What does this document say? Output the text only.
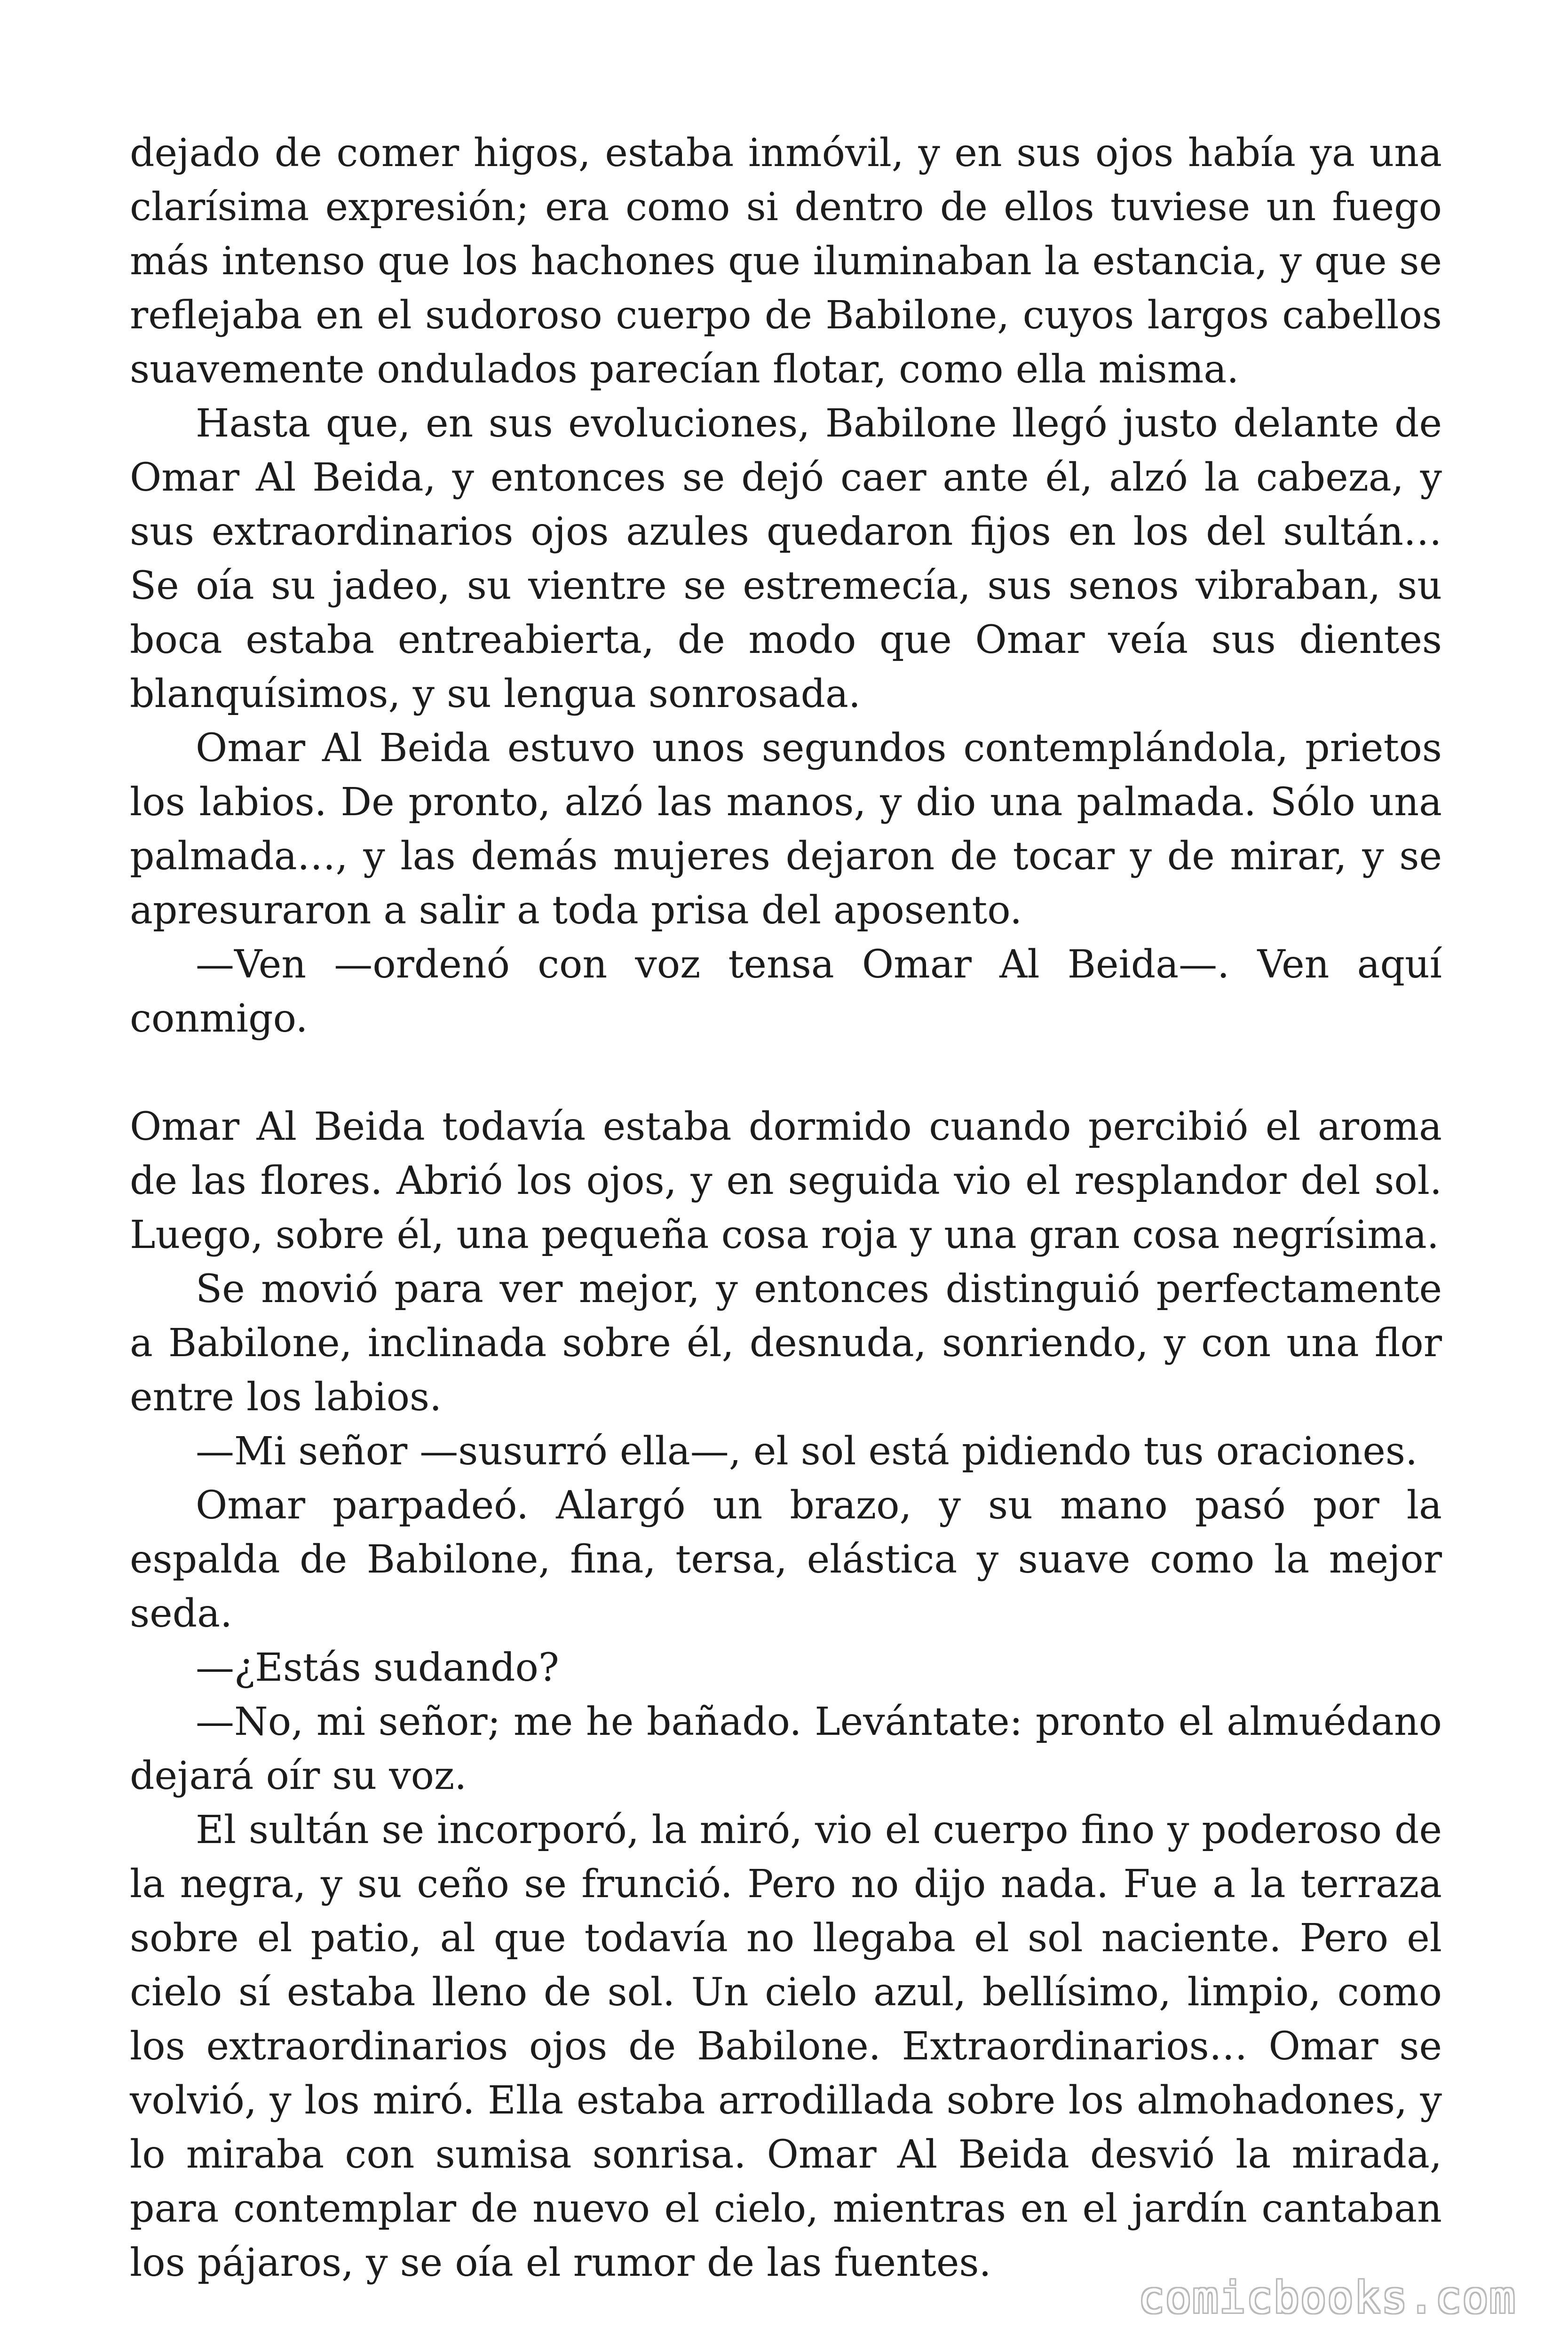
dejado de comer higos, estaba inmóvil, y en sus ojos había ya una clarísima expresión; era como si dentro de ellos tuviese un fuego más intenso que los hachones que iluminaban la estancia, y que se reflejaba en el sudoroso cuerpo de Babilone, cuyos largos cabellos suavemente ondulados parecían flotar, como ella misma.

Hasta que, en sus evoluciones, Babilone llegó justo delante de Omar Al Beida, y entonces se dejó caer ante él, alzó la cabeza, y sus extraordinarios ojos azules quedaron fijos en los del sultán… Se oía su jadeo, su vientre se estremecía, sus senos vibraban, su boca estaba entreabierta, de modo que Omar veía sus dientes blanquísimos, y su lengua sonrosada.

Omar Al Beida estuvo unos segundos contemplándola, prietos los labios. De pronto, alzó las manos, y dio una palmada. Sólo una palmada…, y las demás mujeres dejaron de tocar y de mirar, y se apresuraron a salir a toda prisa del aposento.

—Ven —ordenó con voz tensa Omar Al Beida—. Ven aquí conmigo.

Omar Al Beida todavía estaba dormido cuando percibió el aroma de las flores. Abrió los ojos, y en seguida vio el resplandor del sol. Luego, sobre él, una pequeña cosa roja y una gran cosa negrísima.

Se movió para ver mejor, y entonces distinguió perfectamente a Babilone, inclinada sobre él, desnuda, sonriendo, y con una flor entre los labios.

—Mi señor —susurró ella—, el sol está pidiendo tus oraciones.

Omar parpadeó. Alargó un brazo, y su mano pasó por la espalda de Babilone, fina, tersa, elástica y suave como la mejor seda.

—¿Estás sudando?

—No, mi señor; me he bañado. Levántate: pronto el almuédano dejará oír su voz.

El sultán se incorporó, la miró, vio el cuerpo fino y poderoso de la negra, y su ceño se frunció. Pero no dijo nada. Fue a la terraza sobre el patio, al que todavía no llegaba el sol naciente. Pero el cielo sí estaba lleno de sol. Un cielo azul, bellísimo, limpio, como los extraordinarios ojos de Babilone. Extraordinarios… Omar se volvió, y los miró. Ella estaba arrodillada sobre los almohadones, y lo miraba con sumisa sonrisa. Omar Al Beida desvió la mirada, para contemplar de nuevo el cielo, mientras en el jardín cantaban los pájaros, y se oía el rumor de las fuentes.

comicbooks.com
